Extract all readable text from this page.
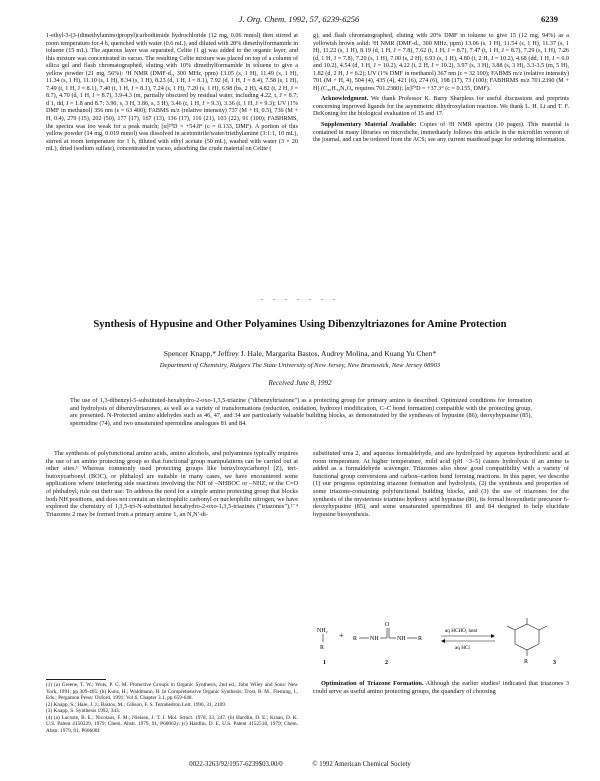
J. Org. Chem. 1992, 57, 6239-6256	6239

1-ethyl-3-(3-(dimethylamino)propyl)carbodiimide hydrochloride (12 mg, 0.06 mmol) then stirred at room temperature for 4 h, quenched with water (0.6 mL), and diluted with 20% dimethylformamide in toluene (15 mL). The aqueous layer was separated, Celite (1 g) was added to the organic layer, and this mixture was concentrated in vacuo. The resulting Celite mixture was placed on top of a column of silica gel and flash chromatographed, eluting with 10% dimethylformamide in toluene to give a yellow powder (21 mg, 56%): ¹H NMR (DMF-d₇, 300 MHz, ppm) 13.05 (s, 1 H), 11.49 (s, 1 H), 11.34 (s, 1 H), 11.10 (s, 1 H), 8.34 (s, 1 H), 8.23 (d, 1 H, J = 8.1), 7.92 (d, 1 H, J = 8.4), 7.58 (s, 1 H), 7.49 (t, 1 H, J = 8.1), 7.40 (t, 1 H, J = 8.1), 7.24 (s, 1 H), 7.20 (s, 1 H), 6.98 (bs, 2 H), 4.82 (t, 2 H, J = 8.7), 4.70 (d, 1 H, J = 8.7), 3.9-4.3 (m, partially obscured by residual water, including 4.22, t, J = 8.7; d 1, dd, J = 1.8 and 8.7; 3.90, s, 3 H, 3.86, s, 3 H), 3.46 (t, 1 H, J = 9.3), 3.36 (t, 1 H, J = 9.3); UV (1% DMF in methanol) 356 nm (ε = 63 400); FABMS m/z (relative intensity) 737 (M + H, 0.5), 736 (M + H, 0.4), 279 (15), 202 (50), 177 (17), 167 (13), 136 (17), 116 (21), 103 (22), 91 (100); FABHRMS, the spectra was too weak for a peak match; [α]²⁰D = +54.8° (c = 0.133, DMF). A portion of this yellow powder (14 mg, 0.019 mmol) was dissolved in acetonitrile/water/triethylamine (3:1:1, 10 mL), stirred at room temperature for 1 h, diluted with ethyl acetate (50 mL), washed with water (3 × 20 mL), dried (sodium sulfate), concentrated in vacuo, adsorbing the crude material on Celite (

g), and flash chromatographed, eluting with 20% DMF in toluene to give 15 (12 mg, 94%) as a yellowish brown solid: ¹H NMR (DMF-d₇, 300 MHz, ppm) 13.06 (s, 1 H), 11.54 (s, 1 H), 11.37 (s, 1 H), 11.22 (s, 1 H), 8.19 (d, 1 H, J = 7.8), 7.62 (t, 1 H, J = 8.7), 7.47 (t, 1 H, J = 8.7), 7.29 (s, 1 H), 7.26 (d, 1 H, J = 7.8), 7.20 (s, 1 H), 7.00 (s, 2 H), 6.93 (s, 1 H), 4.80 (t, 2 H, J = 10.2), 4.68 (dd, 1 H, J = 6.0 and 10.2), 4.54 (d, 1 H, J = 10.2), 4.22 (t, 2 H, J = 10.2), 3.97 (s, 3 H), 3.88 (s, 3 H), 3.3-3.5 (m, 5 H), 1.82 (d, 2 H, J = 6.2); UV (1% DMF in methanol) 367 nm (ε = 32 100); FABMS m/z (relative intensity) 701 (M + H, 4), 504 (4), 435 (4), 421 (6), 274 (6), 198 (17), 73 (100); FABHRMS m/z 701.2390 (M + H) (C₃₆H₃₃N₆O₈ requires 701.2380); [α]²⁰D = +37.3° (c = 0.155, DMF).

Acknowledgment. We thank Professor K. Barry Sharpless for useful discussions and preprints concerning improved ligands for the asymmetric dihydroxylation reaction. We thank L. H. Li and T. F. DeKoning for the biological evaluation of 15 and 17.

Supplementary Material Available: Copies of ¹H NMR spectra (10 pages). This material is contained in many libraries on microfiche, immediately follows this article in the microfilm version of the journal, and can be ordered from the ACS; see any current masthead page for ordering information.

. . . . . . .
Synthesis of Hypusine and Other Polyamines Using Dibenzyltriazones for Amine Protection
Spencer Knapp,* Jeffrey J. Hale, Margarita Bastos, Audrey Molina, and Kuang Yu Chen*
Department of Chemistry, Rutgers The State University of New Jersey, New Brunswick, New Jersey 08903
Received June 8, 1992
The use of 1,3-dibenzyl-5-substituted-hexahydro-2-oxo-1,3,5-triazine ("dibenzyltriazone") as a protecting group for primary amino is described. Optimized conditions for formation and hydrolysis of dibenzyltriazones, as well as a variety of transformations (reduction, oxidation, hydroxyl modification, C–C bond formation) compatible with the protecting group, are presented. N-Protected amino aldehydes such as 46, 47, and 34 are particularly valuable building blocks, as demonstrated by the syntheses of hypusine (86), deoxyhypusine (85), spermidine (74), and two unsaturated spermidine analogues 81 and 84.

The synthesis of polyfunctional amino acids, amino alcohols, and polyamines typically requires the use of an amino protecting group so that functional group manipulations can be carried out at other sites.¹ Whereas commonly used protecting groups like benzyloxycarbonyl (Z), tert-butoxycarbonyl (BOC), or phthaloyl are suitable in many cases, we have encountered some applications where interfering side reactions involving the NH of –NHBOC or –NHZ, or the C=O of phthaloyl, rule out their use. To address the need for a simple amino protecting group that blocks both NH positions, and does not contain an electrophilic carbonyl or nucleophilic nitrogen, we have explored the chemistry of 1,3,5-tri-N-substituted hexahydro-2-oxo-1,3,5-triazines ("triazones"),²⁻⁴ Triazones 2 may be formed from a primary amine 1, an N,N'-di-

(1) (a) Greene, T. W.; Wuts, P. G. M. Protective Groups in Organic Synthesis, 2nd ed.; John Wiley and Sons: New York, 1991; pp 309-405. (b) Kunz, H.; Waldmann, H. In Comprehensive Organic Synthesis; Trost, B. M., Fleming, I., Eds.; Pergamon Press: Oxford, 1991; Vol 6, Chapter 3.1, pp 659-648.

(2) Knapp, S.; Hale, J. J.; Bastos, M.; Gibson, F. S. Tetrahedron Lett. 1990, 31, 2109.

(3) Knapp, S. Synthesis 1992, 343.

(4) (a) Lacoste, B. E.; Nicolaus, F. M.; Nielsen, J. T. J. Mol. Struct. 1978, 33, 247. (b) Hardlin, D. E.; Kraan, D. K. U.S. Patent 4150229, 1979; Chem. Abstr. 1979, 91, P60062y. (c) Hardlin, D. E. U.S. Patent 4152518, 1979; Chem. Abstr. 1979, 91, P60608f.

substituted urea 2, and aqueous formaldehyde, and are hydrolyzed by aqueous hydrochloric acid at room temperature. At higher temperature, mild acid (pH ~3–5) causes hydrolysis if an amine is added as a formaldehyde scavenger. Triazones also show good compatibility with a variety of functional group conversions and carbon–carbon bond forming reactions. In this paper, we describe (1) our progress optimizing triazone formation and hydrolysis, (2) the synthesis and properties of some triazone-containing polyfunctional building blocks, and (3) the use of triazones for the synthesis of the mysterious triamino hydroxy acid hypusine (86), its formal biosynthetic precursor 6-deoxyhypusine (85), and some unsaturated spermidines 81 and 84 designed to help elucidate hypusine biosynthesis.

NH₂
R
+ R NH
O
NH R
aq HCHO, heat
aq HCl
R
1	2	3

Optimization of Triazone Formation. Although the earlier studies² indicated that triazones 3 could serve as useful amino protecting groups, the quandary of choosing

0022-3263/92/1957-6239$03.00/0	© 1992 American Chemical Society
